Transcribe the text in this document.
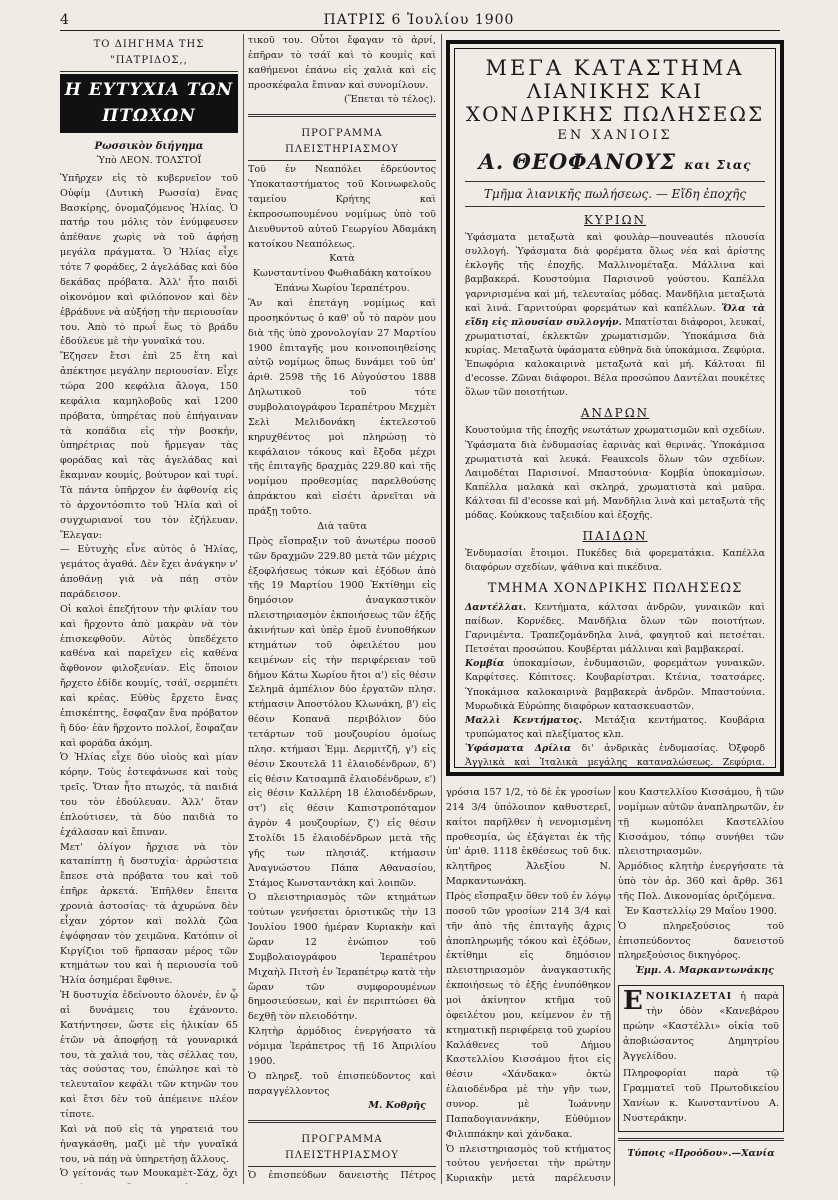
4	ΠΑΤΡΙΣ 6 Ἰουλίου 1900
ΤΟ ΔΙΗΓΗΜΑ ΤΗΣ "ΠΑΤΡΙΔΟΣ,,
Η ΕΥΤΥΧΙΑ ΤΩΝ ΠΤΩΧΩΝ
Ρωσσικὸν διήγημα
Ὑπὸ ΛΕΟΝ. ΤΟΛΣΤΟΪ

Ὑπῆρχεν εἰς τὸ κυβερνεῖον τοῦ Οὐφίμ (Δυτικὴ Ρωσσία) ἕνας Βασκίρης, ὀνομαζόμενος Ἠλίας. Ὁ πατήρ του μόλις τὸν ἐνύμφευσεν ἀπέθανε χωρὶς νὰ τοῦ ἀφήσῃ μεγάλα πράγματα. Ὁ Ἠλίας εἶχε τότε 7 φοράδες, 2 ἀγελάδας καὶ δύο δεκάδας πρόβατα. Ἀλλ' ἦτο παιδὶ οἰκονόμον καὶ φιλόπονον καὶ δὲν ἐβράδυνε νὰ αὐξήσῃ τὴν περιουσίαν του. Ἀπὸ τὸ πρωΐ ἕως τὸ βράδυ ἐδούλευε μὲ τὴν γυναῖκά του.

Ἔζησεν ἔτσι ἐπὶ 25 ἔτη καὶ ἀπέκτησε μεγάλην περιουσίαν. Εἶχε τώρα 200 κεφάλια ἄλογα, 150 κεφάλια καμηλοβοῦς καὶ 1200 πρόβατα, ὑπηρέτας ποὺ ἐπήγαιναν τὰ κοπάδια εἰς τὴν βοσκήν, ὑπηρέτριας ποὺ ἤρμεγαν τὰς φοράδας καὶ τὰς ἀγελάδας καὶ ἔκαμναν κουμίς, βούτυρον καὶ τυρί. Τὰ πάντα ὑπῆρχον ἐν ἀφθονίᾳ εἰς τὸ ἀρχοντόσπιτο τοῦ Ἠλία καὶ οἱ συγχωριανοί του τὸν ἐζήλευαν. Ἔλεγαν:

— Εὐτυχὴς εἶνε αὐτὸς ὁ Ἠλίας, γεμάτος ἀγαθά. Δὲν ἔχει ἀνάγκην ν' ἀποθάνῃ γιὰ νὰ πάῃ στὸν παράδεισον.

Οἱ καλοὶ ἐπεζήτουν τὴν φιλίαν του καὶ ἤρχοντο ἀπὸ μακρὰν νὰ τὸν ἐπισκεφθοῦν. Αὐτὸς ὑπεδέχετο καθένα καὶ παρεῖχεν εἰς καθένα ἄφθονον φιλοξενίαν. Εἰς ὅποιον ἤρχετο ἐδίδε κουμίς, τσάϊ, σερμπέτι καὶ κρέας. Εὐθὺς ἔρχετο ἔνας ἐπισκέπτης, ἔσφαζαν ἕνα πρόβατον ἢ δύο· ἐὰν ἤρχοντο πολλοί, ἔσφαζαν καὶ φοράδα ἀκόμη.

Ὁ Ἠλίας εἶχε δύο υἱοὺς καὶ μίαν κόρην. Τοὺς ἐστεφάνωσε καὶ τοὺς τρεῖς. Ὅταν ἦτο πτωχός, τὰ παιδιά του τὸν ἐδούλευαν. Ἀλλ' ὅταν ἐπλούτισεν, τὰ δύο παιδιὰ το ἐχάλασαν καὶ ἔπιναν.

Μετ' ὀλίγον ἤρχισε νὰ τὸν καταπίπτῃ ἡ δυστυχία· ἀρρώστεια ἔπεσε στὰ πρόβατα του καὶ τοῦ ἐπῆρε ἀρκετά. Ἐπῆλθεν ἔπειτα χρονιὰ ἀστοσίας· τὰ ἀχυρώνα δὲν εἶχαν χόρτον καὶ πολλὰ ζῶα ἐψόφησαν τὸν χειμῶνα. Κατόπιν οἱ Κιργίζιοι τοῦ ἥρπασαν μέρος τῶν κτημάτων του καὶ ἡ περιουσία τοῦ Ἠλία ὁσημέραι ἔφθινε.

Ἡ δυστυχία ἐδείνουτο ὁλονέν, ἐν ᾧ αἱ δυνάμεις του ἐχάνοντο. Κατήντησεν, ὥστε εἰς ἡλικίαν 65 ἐτῶν νὰ ἀποφήσῃ τὰ γουναρικά του, τὰ χαλιά του, τὰς σέλλας του, τὰς σούστας του, ἐπώλησε καὶ τὸ τελευταῖον κεφάλι τῶν κτηνῶν του καὶ ἔτσι δὲν τοῦ ἀπέμεινε πλέον τίποτε.

Καὶ νὰ ποῦ εἰς τὰ γηρατειά του ἠναγκάσθη, μαζὶ μὲ τὴν γυναῖκά του, νὰ πάῃ νὰ ὑπηρετήσῃ ἄλλους.

Ὁ γείτονάς των Μουκαμὲτ-Σάχ, ὄχι

τικοῦ του. Οὗτοι ἔφαγαν τὸ ἀρνί, ἐπῆραν τὸ τσάϊ καὶ τὸ κουμίς καὶ καθήμενοι ἐπάνω εἰς χαλιὰ καὶ εἰς προσκέφαλα ἔπιναν καὶ συνομίλουν.

(Ἕπεται τὸ τέλος).

ΠΡΟΓΡΑΜΜΑ ΠΛΕΙΣΤΗΡΙΑΣΜΟΥ

Τοῦ ἐν Νεαπόλει ἑδρεύοντος Ὑποκαταστήματος τοῦ Κοινωφελοῦς ταμείου Κρήτης καὶ ἐκπροσωπουμένου νομίμως ὑπὸ τοῦ Διευθυντοῦ αὐτοῦ Γεωργίου Ἀδαμάκη κατοίκου Νεαπόλεως.

Κατὰ

Κωνσταντίνου Φωθιαδάκη κατοίκου Ἐπάνω Χωρίου Ἱεραπέτρου.

Ἂν καὶ ἐπετάγη νομίμως καὶ προσηκόντως ὁ καθ' οὗ τὸ παρὸν μου διὰ τῆς ὑπὸ χρονολογίαν 27 Μαρτίου 1900 ἐπιταγῆς μου κοινοποιηθείσης αὐτῷ νομίμως ὅπως δυνάμει τοῦ ὑπ' ἀριθ. 2598 τῆς 16 Αὐγούστου 1888 Δηλωτικοῦ τοῦ τότε συμβολαιογράφου Ἱεραπέτρου Μεχμὲτ Σελὶ Μελιδονάκη ἐκτελεστοῦ κηρυχθέντος μοὶ πληρώσῃ τὸ κεφάλαιον τόκους καὶ ἔξοδα μέχρι τῆς ἐπιταγῆς δραχμὰς 229.80 καὶ τῆς νομίμου προθεσμίας παρελθούσης ἀπράκτου καὶ εἰσέτι ἀρνεῖται νὰ πράξῃ τοῦτο.

Διὰ ταῦτα

Πρὸς εἴσπραξιν τοῦ ἀνωτέρω ποσοῦ τῶν δραχμῶν 229.80 μετὰ τῶν μέχρις ἐξοφλήσεως τόκων καὶ ἐξόδων ἀπὸ τῆς 19 Μαρτίου 1900 Ἐκτίθημι εἰς δημόσιον ἀναγκαστικὸν πλειστηριασμὸν ἐκποιήσεως τῶν ἑξῆς ἀκινήτων καὶ ὑπὲρ ἐμοῦ ἐνυποθήκων κτημάτων τοῦ ὀφειλέτου μου κειμένων εἰς τὴν περιφέρειαν τοῦ δήμου Κάτω Χωρίου ἤτοι α') εἰς θέσιν Σελημᾶ ἀμπέλιον δύο ἐργατῶν πλησ. κτήμασιν Ἀποστόλου Κλωνάκη, β') εἰς θέσιν Κοπανᾶ περιβόλιον δύο τετάρτων τοῦ μουζουρίου ὁμοίως πλησ. κτήμασι Ἐμμ. Δερμιτζῆ, γ') εἰς θέσιν Σκουτελᾶ 11 ἐλαιοδένδρων, δ') εἰς θέσιν Κατσαμπᾶ ἐλαιοδένδρων, ε') εἰς θέσιν Καλλέρη 18 ἐλαιοδένδρων, στ') εἰς θέσιν Καπιστροπόταμον ἀγρὸν 4 μουζουρίων, ζ') εἰς θέσιν Στολίδι 15 ἐλαιοδένδρων μετὰ τῆς γῆς των πλησιάζ. κτήμασιν Ἀναγνώστου Πάπα Αθανασίου, Στάμος Κωνσταντάκη καὶ λοιπῶν.

Ὁ πλειστηριασμὸς τῶν κτημάτων τούτων γενήσεται ὁριστικῶς τὴν 13 Ἰουλίου 1900 ἡμέραν Κυριακὴν καὶ ὥραν 12 ἐνώπιον τοῦ Συμβολαιογράφου Ἱεραπέτρου Μιχαὴλ Πιτσὴ ἐν Ἱεραπέτρῳ κατὰ τὴν ὥραν τῶν συμφορουμένων δημοσιεύσεων, καὶ ἐν περιπτώσει θὰ δεχθῇ τὸν πλειοδότην.

Κλητὴρ ἁρμόδιος ἐνεργήσατο τὰ νόμιμα Ἱεράπετρος τῇ 16 Ἀπριλίου 1900.

Ὁ πληρεξ. τοῦ ἐπισπεύδοντος καὶ παραγγέλλοντος

Μ. Κοθρῆς

ΠΡΟΓΡΑΜΜΑ ΠΛΕΙΣΤΗΡΙΑΣΜΟΥ

Ὁ ἐπισπεύδων δανειστὴς Πέτρος

ΜΕΓΑ ΚΑΤΑΣΤΗΜΑ
ΛΙΑΝΙΚΗΣ ΚΑΙ ΧΟΝΔΡΙΚΗΣ ΠΩΛΗΣΕΩΣ
ΕΝ ΧΑΝΙΟΙΣ
Α. ΘΕΟΦΑΝΟΥΣ και Σιας
Τμῆμα λιανικῆς πωλήσεως. — Εἴδη ἐποχῆς
ΚΥΡΙΩΝ

Ὑφάσματα μεταξωτὰ καὶ φουλὰρ—nouveautés πλουσία συλλογή. Ὑφάσματα διὰ φορέματα ὅλως νέα καὶ ἀρίστης ἐκλογῆς τῆς ἐποχῆς. Μαλλινομέταξα. Μάλλινα καὶ βαμβακερά. Κουστούμια Παρισινοῦ γούστου. Καπέλλα γαρνιρισμένα καὶ μή, τελευταίας μόδας. Μανδῆλια μεταξωτὰ καὶ λινά. Γαρνιτούραι φορεμάτων καὶ καπέλλων. Ὅλα τὰ εἴδη εἰς πλουσίαν συλλογήν. Μπατίσται διάφοροι, λευκαί, χρωματισταί, ἐκλεκτῶν χρωματισμῶν. Ὑποκάμισα διὰ κυρίας. Μεταξωτὰ ὑφάσματα εὐθηνὰ διὰ ὑποκάμισα. Ζεφύρια. Ἐπωφόρια καλοκαιρινὰ μεταξωτὰ καὶ μή. Κάλτσαι fil d'ecosse. Ζῶναι διάφοροι. Βέλα προσώπου Δαντέλαι πουκέτες ὅλων τῶν ποιοτήτων.

ΑΝΔΡΩΝ

Κουστούμια τῆς ἐποχῆς νεωτάτων χρωματισμῶν καὶ σχεδίων. Ὑφάσματα διὰ ἐνδυμασίας ἐαρινὰς καὶ θερινάς. Ὑποκάμισα χρωματιστὰ καὶ λευκά. Feauxcols ὅλων τῶν σχεδίων. Λαιμοδέται Παρισινοί. Μπαστούνια· Κομβία ὑποκαμίσων. Καπέλλα μαλακὰ καὶ σκληρά, χρωματιστὰ καὶ μαῦρα. Κάλτσαι fil d'ecosse καὶ μή. Μανδῆλια λινὰ καὶ μεταξωτὰ τῆς μόδας. Κούκκους ταξειδίου καὶ ἐξοχῆς.

ΠΑΙΔΩΝ

Ἐνδυμασίαι ἕτοιμοι. Πυκέδες διὰ φορεματάκια. Καπέλλα διαφόρων σχεδίων, ψάθινα καὶ πικέδινα.

ΤΜΗΜΑ ΧΟΝΔΡΙΚΗΣ ΠΩΛΗΣΕΩΣ

Δαντέλλαι. Κεντήματα, κάλτσαι ἀνδρῶν, γυναικῶν καὶ παίδων. Κορνέδες. Μανδῆλια ὅλων τῶν ποιοτήτων. Γαρνιμέντα. Τραπεζομάνδηλα λινά, φαγητοῦ καὶ πετσέται. Πετσέται προσώπου. Κουβέρται μάλλιναι καὶ βαμβακεραί.

Κομβία ὑποκαμίσων, ἐνδυμασιῶν, φορεμάτων γυναικῶν. Καρφίτσες. Κόπιτσες. Κουβαρίστραι. Κτένια, τσατσάρες. Ὑποκάμισα καλοκαιρινὰ βαμβακερὰ ἀνδρῶν. Μπαστούνια. Μυρωδικὰ Εὐρώπης διαφόρων κατασκευαστῶν.

Μαλλὶ Κεντήματος. Μετάξια κεντήματος. Κουβάρια τρυπώματος καὶ πλεξίματος κλπ.

Ὑφάσματα Δρίλια δι' ἀνδρικὰς ἐνδυμασίας. Ὀξφορδ Ἀγγλικὰ καὶ Ἰταλικὰ μεγάλης καταναλώσεως. Ζεφύρια.

γρόσια 157 1/2, τὸ δὲ ἐκ γροσίων 214 3/4 ὑπόλοιπον καθυστερεῖ, καίτοι παρῆλθεν ἡ νενομισμένη προθεσμία, ὡς ἐξάγεται ἐκ τῆς ὑπ' ἀριθ. 1118 ἐκθέσεως τοῦ δικ. κλητῆρος Ἀλεξίου Ν. Μαρκαντωνάκη.

Πρὸς εἴσπραξιν ὅθεν τοῦ ἐν λόγῳ ποσοῦ τῶν γροσίων 214 3/4 καὶ τῆν ἀπὸ τῆς ἐπιταγῆς ἄχρις ἀποπληρωμῆς τόκου καὶ ἐξόδων, ἐκτίθημι εἰς δημόσιον πλειστηριασμὸν ἀναγκαστικῆς ἐκποιήσεως τὸ ἑξῆς ἐνυπόθηκον μοὶ ἀκίνητον κτῆμα τοῦ ὀφειλέτου μου, κείμενον ἐν τῇ κτηματικῇ περιφέρειᾳ τοῦ χωρίου Καλάθενες τοῦ Δήμου Καστελλίου Κισσάμου ἤτοι εἰς θέσιν «Χάνδακα» ὀκτὼ ἐλαιοδένδρα μὲ τὴν γῆν των, συνορ. μὲ Ἰωάννην Παπαδογιαννάκην, Εὐθύμιον Φιλιππάκην καὶ χάνδακα.

Ὁ πλειστηριασμὸς τοῦ κτήματος τούτου γενήσεται τὴν πρώτην Κυριακὴν μετὰ παρέλευσιν

κου Καστελλίου Κισσάμου, ἢ τῶν νομίμων αὐτῶν ἀναπληρωτῶν, ἐν τῇ κωμοπόλει Καστελλίου Κισσάμου, τόπῳ συνήθει τῶν πλειστηριασμῶν.

Ἁρμόδιος κλητὴρ ἐνεργήσατε τὰ ὑπὸ τὸν ἀρ. 360 καὶ ἄρθρ. 361 τῆς Πολ. Δικονομίας ὁριζόμενα.

Ἐν Καστελλίῳ 29 Μαΐου 1900.

Ὁ πληρεξούσιος τοῦ ἐπισπεύδοντος δανειστοῦ πληρεξούσιος δικηγόρος.

Ἐμμ. Α. Μαρκαντωνάκης

Ε ΝΟΙΚΙΑΖΕΤΑΙ ἡ παρὰ τὴν ὁδὸν «Κανεβάρου πρώην «Καστέλλι» οἰκία τοῦ ἀποβιώσαντος Δημητρίου Ἀγγελίδου.

Πληροφορίαι παρὰ τῷ Γραμματεῖ τοῦ Πρωτοδικείου Χανίων κ. Κωνσταντίνου Α. Νυστεράκην.

Τύποις «Προόδου».—Χανία
